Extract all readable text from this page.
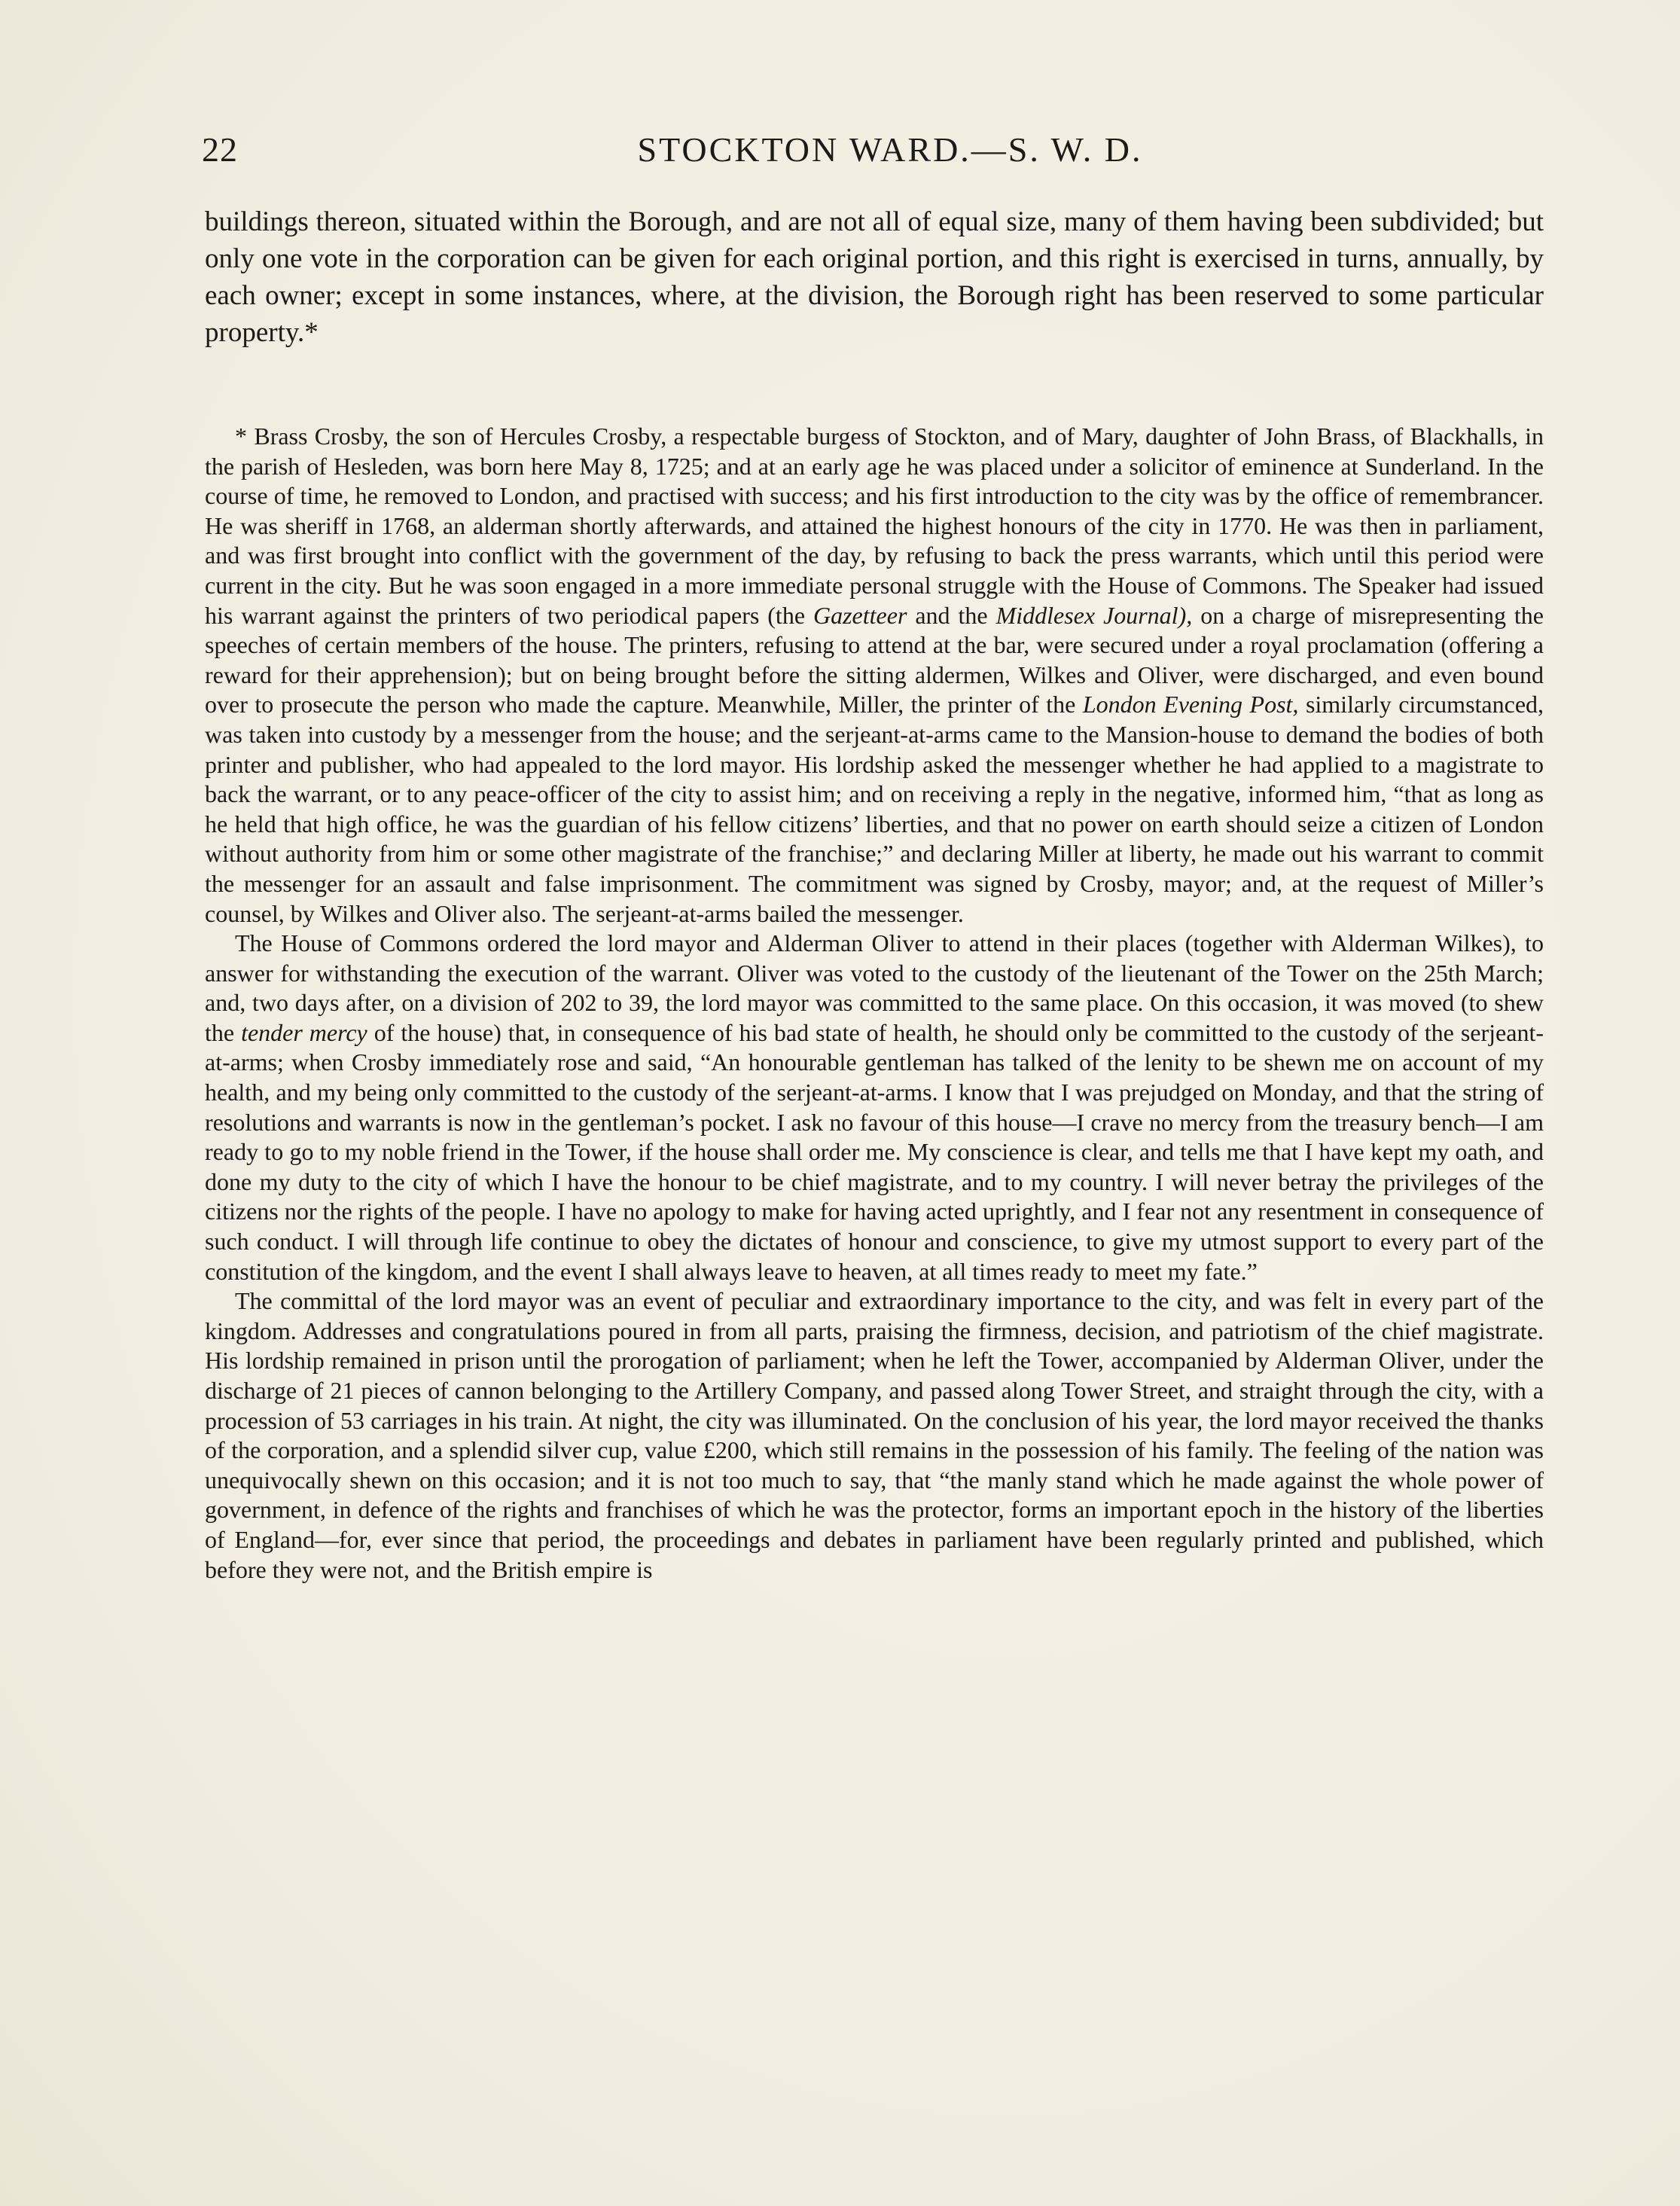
22	STOCKTON WARD.—S. W. D.

buildings thereon, situated within the Borough, and are not all of equal size, many of them having been subdivided; but only one vote in the corporation can be given for each original portion, and this right is exercised in turns, annually, by each owner; except in some instances, where, at the division, the Borough right has been reserved to some particular property.*

* Brass Crosby, the son of Hercules Crosby, a respectable burgess of Stockton, and of Mary, daughter of John Brass, of Blackhalls, in the parish of Hesleden, was born here May 8, 1725; and at an early age he was placed under a solicitor of eminence at Sunderland. In the course of time, he removed to London, and practised with success; and his first introduction to the city was by the office of remembrancer. He was sheriff in 1768, an alderman shortly afterwards, and attained the highest honours of the city in 1770. He was then in parliament, and was first brought into conflict with the government of the day, by refusing to back the press warrants, which until this period were current in the city. But he was soon engaged in a more immediate personal struggle with the House of Commons. The Speaker had issued his warrant against the printers of two periodical papers (the Gazetteer and the Middlesex Journal), on a charge of misrepresenting the speeches of certain members of the house. The printers, refusing to attend at the bar, were secured under a royal proclamation (offering a reward for their apprehension); but on being brought before the sitting aldermen, Wilkes and Oliver, were discharged, and even bound over to prosecute the person who made the capture. Meanwhile, Miller, the printer of the London Evening Post, similarly circumstanced, was taken into custody by a messenger from the house; and the serjeant-at-arms came to the Mansion-house to demand the bodies of both printer and publisher, who had appealed to the lord mayor. His lordship asked the messenger whether he had applied to a magistrate to back the warrant, or to any peace-officer of the city to assist him; and on receiving a reply in the negative, informed him, “that as long as he held that high office, he was the guardian of his fellow citizens’ liberties, and that no power on earth should seize a citizen of London without authority from him or some other magistrate of the franchise;” and declaring Miller at liberty, he made out his warrant to commit the messenger for an assault and false imprisonment. The commitment was signed by Crosby, mayor; and, at the request of Miller’s counsel, by Wilkes and Oliver also. The serjeant-at-arms bailed the messenger.

The House of Commons ordered the lord mayor and Alderman Oliver to attend in their places (together with Alderman Wilkes), to answer for withstanding the execution of the warrant. Oliver was voted to the custody of the lieutenant of the Tower on the 25th March; and, two days after, on a division of 202 to 39, the lord mayor was committed to the same place. On this occasion, it was moved (to shew the tender mercy of the house) that, in consequence of his bad state of health, he should only be committed to the custody of the serjeant-at-arms; when Crosby immediately rose and said, “An honourable gentleman has talked of the lenity to be shewn me on account of my health, and my being only committed to the custody of the serjeant-at-arms. I know that I was prejudged on Monday, and that the string of resolutions and warrants is now in the gentleman’s pocket. I ask no favour of this house—I crave no mercy from the treasury bench—I am ready to go to my noble friend in the Tower, if the house shall order me. My conscience is clear, and tells me that I have kept my oath, and done my duty to the city of which I have the honour to be chief magistrate, and to my country. I will never betray the privileges of the citizens nor the rights of the people. I have no apology to make for having acted uprightly, and I fear not any resentment in consequence of such conduct. I will through life continue to obey the dictates of honour and conscience, to give my utmost support to every part of the constitution of the kingdom, and the event I shall always leave to heaven, at all times ready to meet my fate.”

The committal of the lord mayor was an event of peculiar and extraordinary importance to the city, and was felt in every part of the kingdom. Addresses and congratulations poured in from all parts, praising the firmness, decision, and patriotism of the chief magistrate. His lordship remained in prison until the prorogation of parliament; when he left the Tower, accompanied by Alderman Oliver, under the discharge of 21 pieces of cannon belonging to the Artillery Company, and passed along Tower Street, and straight through the city, with a procession of 53 carriages in his train. At night, the city was illuminated. On the conclusion of his year, the lord mayor received the thanks of the corporation, and a splendid silver cup, value £200, which still remains in the possession of his family. The feeling of the nation was unequivocally shewn on this occasion; and it is not too much to say, that “the manly stand which he made against the whole power of government, in defence of the rights and franchises of which he was the protector, forms an important epoch in the history of the liberties of England—for, ever since that period, the proceedings and debates in parliament have been regularly printed and published, which before they were not, and the British empire is
